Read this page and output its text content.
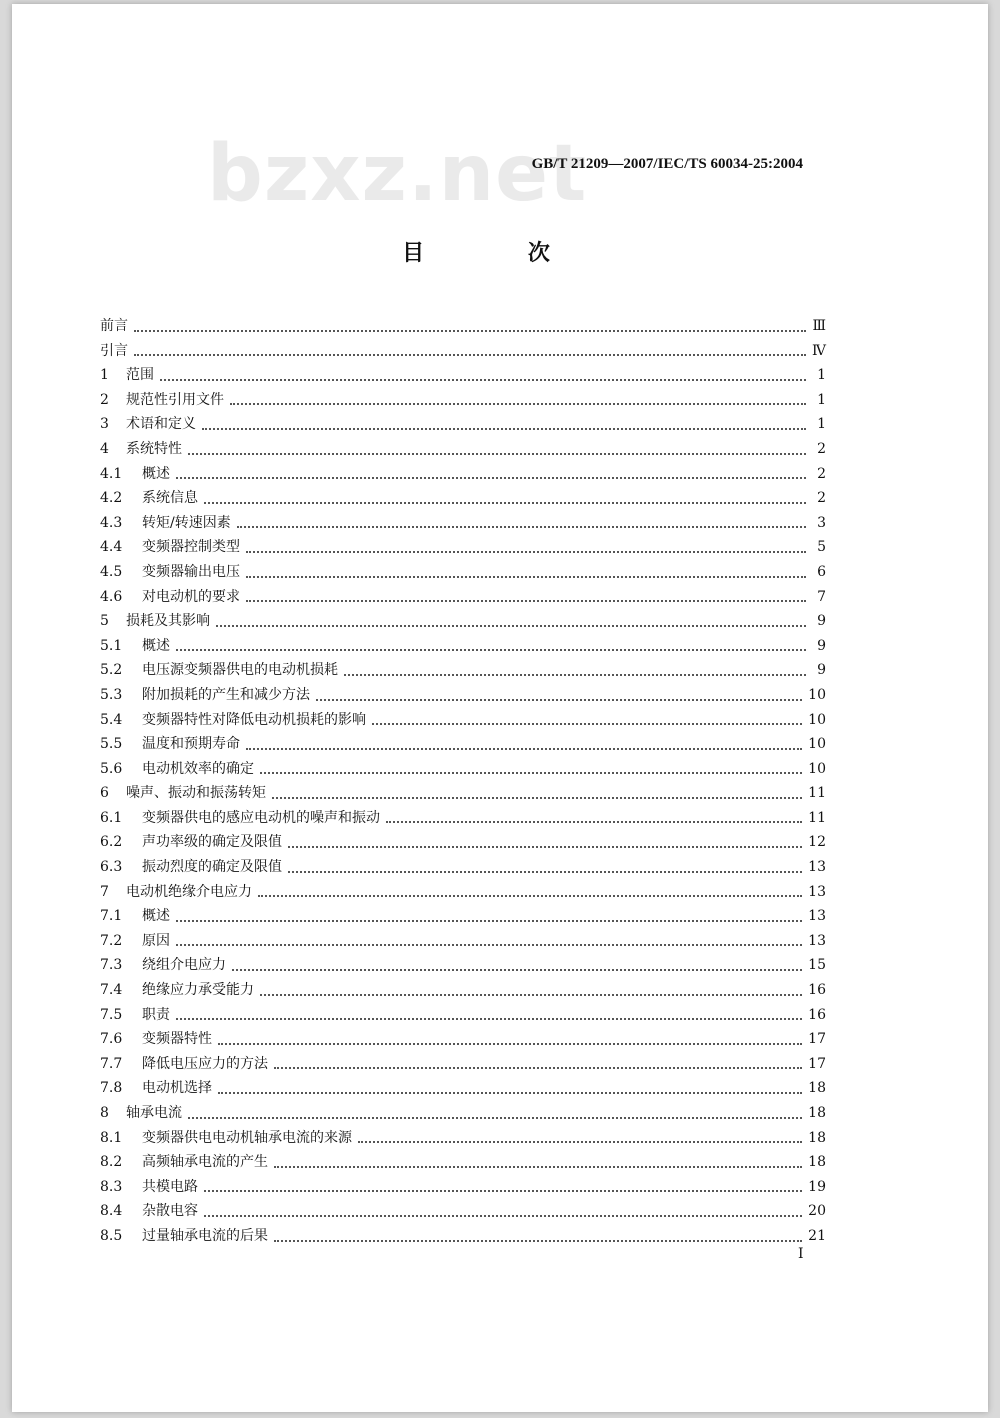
bzxz.net
GB/T 21209—2007/IEC/TS 60034-25:2004
目 次
前言	Ⅲ
引言	Ⅳ
1	范围	1
2	规范性引用文件	1
3	术语和定义	1
4	系统特性	2
4.1	概述	2
4.2	系统信息	2
4.3	转矩/转速因素	3
4.4	变频器控制类型	5
4.5	变频器输出电压	6
4.6	对电动机的要求	7
5	损耗及其影响	9
5.1	概述	9
5.2	电压源变频器供电的电动机损耗	9
5.3	附加损耗的产生和减少方法	10
5.4	变频器特性对降低电动机损耗的影响	10
5.5	温度和预期寿命	10
5.6	电动机效率的确定	10
6	噪声、振动和振荡转矩	11
6.1	变频器供电的感应电动机的噪声和振动	11
6.2	声功率级的确定及限值	12
6.3	振动烈度的确定及限值	13
7	电动机绝缘介电应力	13
7.1	概述	13
7.2	原因	13
7.3	绕组介电应力	15
7.4	绝缘应力承受能力	16
7.5	职责	16
7.6	变频器特性	17
7.7	降低电压应力的方法	17
7.8	电动机选择	18
8	轴承电流	18
8.1	变频器供电电动机轴承电流的来源	18
8.2	高频轴承电流的产生	18
8.3	共模电路	19
8.4	杂散电容	20
8.5	过量轴承电流的后果	21
I
